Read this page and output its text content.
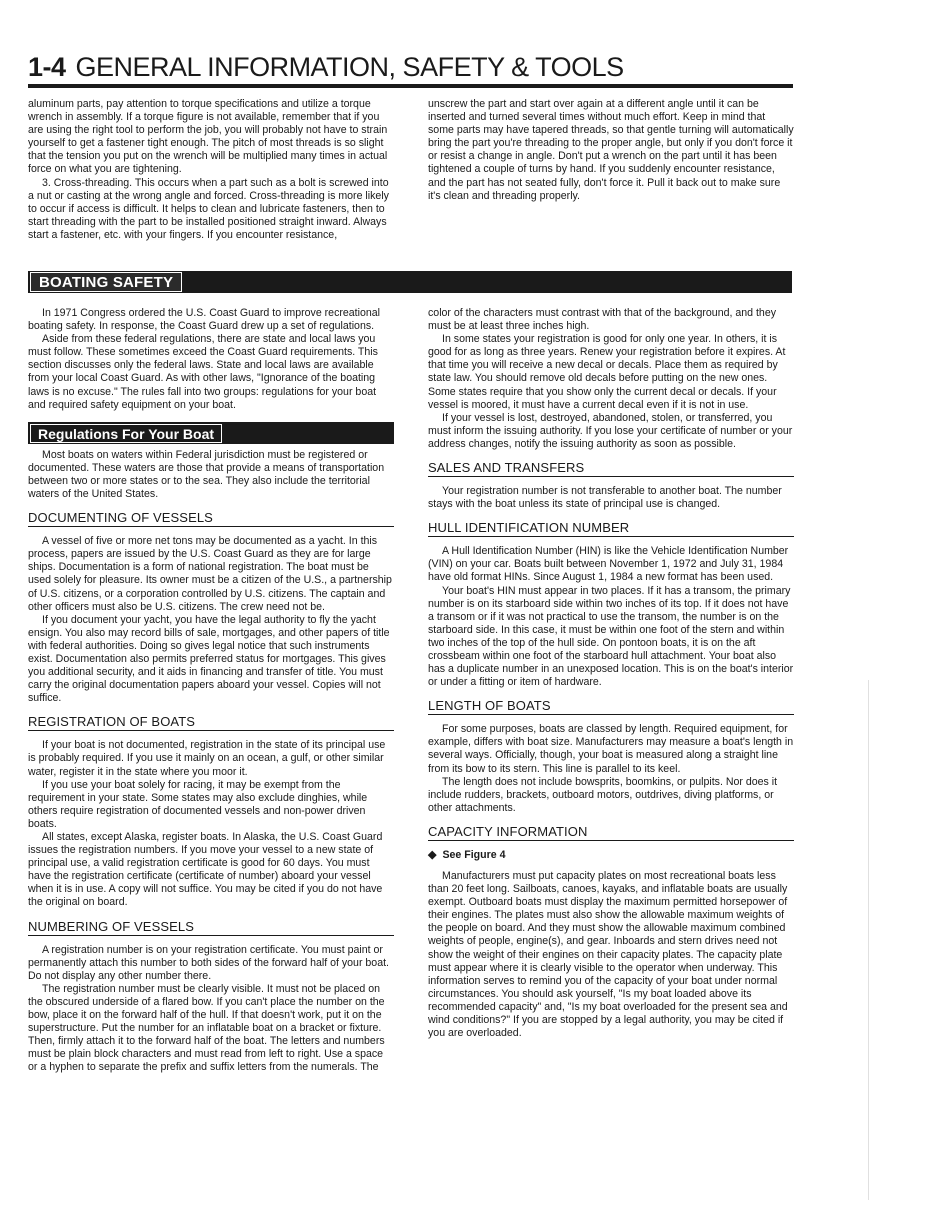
1-4 GENERAL INFORMATION, SAFETY & TOOLS

aluminum parts, pay attention to torque specifications and utilize a torque wrench in assembly. If a torque figure is not available, remember that if you are using the right tool to perform the job, you will probably not have to strain yourself to get a fastener tight enough. The pitch of most threads is so slight that the tension you put on the wrench will be multiplied many times in actual force on what you are tightening.

3. Cross-threading. This occurs when a part such as a bolt is screwed into a nut or casting at the wrong angle and forced. Cross-threading is more likely to occur if access is difficult. It helps to clean and lubricate fasteners, then to start threading with the part to be installed positioned straight inward. Always start a fastener, etc. with your fingers. If you encounter resistance,

unscrew the part and start over again at a different angle until it can be inserted and turned several times without much effort. Keep in mind that some parts may have tapered threads, so that gentle turning will automatically bring the part you're threading to the proper angle, but only if you don't force it or resist a change in angle. Don't put a wrench on the part until it has been tightened a couple of turns by hand. If you suddenly encounter resistance, and the part has not seated fully, don't force it. Pull it back out to make sure it's clean and threading properly.

BOATING SAFETY

In 1971 Congress ordered the U.S. Coast Guard to improve recreational boating safety. In response, the Coast Guard drew up a set of regulations.

Aside from these federal regulations, there are state and local laws you must follow. These sometimes exceed the Coast Guard requirements. This section discusses only the federal laws. State and local laws are available from your local Coast Guard. As with other laws, "Ignorance of the boating laws is no excuse." The rules fall into two groups: regulations for your boat and required safety equipment on your boat.

Regulations For Your Boat

Most boats on waters within Federal jurisdiction must be registered or documented. These waters are those that provide a means of transportation between two or more states or to the sea. They also include the territorial waters of the United States.

DOCUMENTING OF VESSELS

A vessel of five or more net tons may be documented as a yacht. In this process, papers are issued by the U.S. Coast Guard as they are for large ships. Documentation is a form of national registration. The boat must be used solely for pleasure. Its owner must be a citizen of the U.S., a partnership of U.S. citizens, or a corporation controlled by U.S. citizens. The captain and other officers must also be U.S. citizens. The crew need not be.

If you document your yacht, you have the legal authority to fly the yacht ensign. You also may record bills of sale, mortgages, and other papers of title with federal authorities. Doing so gives legal notice that such instruments exist. Documentation also permits preferred status for mortgages. This gives you additional security, and it aids in financing and transfer of title. You must carry the original documentation papers aboard your vessel. Copies will not suffice.

REGISTRATION OF BOATS

If your boat is not documented, registration in the state of its principal use is probably required. If you use it mainly on an ocean, a gulf, or other similar water, register it in the state where you moor it.

If you use your boat solely for racing, it may be exempt from the requirement in your state. Some states may also exclude dinghies, while others require registration of documented vessels and non-power driven boats.

All states, except Alaska, register boats. In Alaska, the U.S. Coast Guard issues the registration numbers. If you move your vessel to a new state of principal use, a valid registration certificate is good for 60 days. You must have the registration certificate (certificate of number) aboard your vessel when it is in use. A copy will not suffice. You may be cited if you do not have the original on board.

NUMBERING OF VESSELS

A registration number is on your registration certificate. You must paint or permanently attach this number to both sides of the forward half of your boat. Do not display any other number there.

The registration number must be clearly visible. It must not be placed on the obscured underside of a flared bow. If you can't place the number on the bow, place it on the forward half of the hull. If that doesn't work, put it on the superstructure. Put the number for an inflatable boat on a bracket or fixture. Then, firmly attach it to the forward half of the boat. The letters and numbers must be plain block characters and must read from left to right. Use a space or a hyphen to separate the prefix and suffix letters from the numerals. The

color of the characters must contrast with that of the background, and they must be at least three inches high.

In some states your registration is good for only one year. In others, it is good for as long as three years. Renew your registration before it expires. At that time you will receive a new decal or decals. Place them as required by state law. You should remove old decals before putting on the new ones. Some states require that you show only the current decal or decals. If your vessel is moored, it must have a current decal even if it is not in use.

If your vessel is lost, destroyed, abandoned, stolen, or transferred, you must inform the issuing authority. If you lose your certificate of number or your address changes, notify the issuing authority as soon as possible.

SALES AND TRANSFERS

Your registration number is not transferable to another boat. The number stays with the boat unless its state of principal use is changed.

HULL IDENTIFICATION NUMBER

A Hull Identification Number (HIN) is like the Vehicle Identification Number (VIN) on your car. Boats built between November 1, 1972 and July 31, 1984 have old format HINs. Since August 1, 1984 a new format has been used.

Your boat's HIN must appear in two places. If it has a transom, the primary number is on its starboard side within two inches of its top. If it does not have a transom or if it was not practical to use the transom, the number is on the starboard side. In this case, it must be within one foot of the stern and within two inches of the top of the hull side. On pontoon boats, it is on the aft crossbeam within one foot of the starboard hull attachment. Your boat also has a duplicate number in an unexposed location. This is on the boat's interior or under a fitting or item of hardware.

LENGTH OF BOATS

For some purposes, boats are classed by length. Required equipment, for example, differs with boat size. Manufacturers may measure a boat's length in several ways. Officially, though, your boat is measured along a straight line from its bow to its stern. This line is parallel to its keel.

The length does not include bowsprits, boomkins, or pulpits. Nor does it include rudders, brackets, outboard motors, outdrives, diving platforms, or other attachments.

CAPACITY INFORMATION
◆ See Figure 4

Manufacturers must put capacity plates on most recreational boats less than 20 feet long. Sailboats, canoes, kayaks, and inflatable boats are usually exempt. Outboard boats must display the maximum permitted horsepower of their engines. The plates must also show the allowable maximum weights of the people on board. And they must show the allowable maximum combined weights of people, engine(s), and gear. Inboards and stern drives need not show the weight of their engines on their capacity plates. The capacity plate must appear where it is clearly visible to the operator when underway. This information serves to remind you of the capacity of your boat under normal circumstances. You should ask yourself, "Is my boat loaded above its recommended capacity" and, "Is my boat overloaded for the present sea and wind conditions?" If you are stopped by a legal authority, you may be cited if you are overloaded.
